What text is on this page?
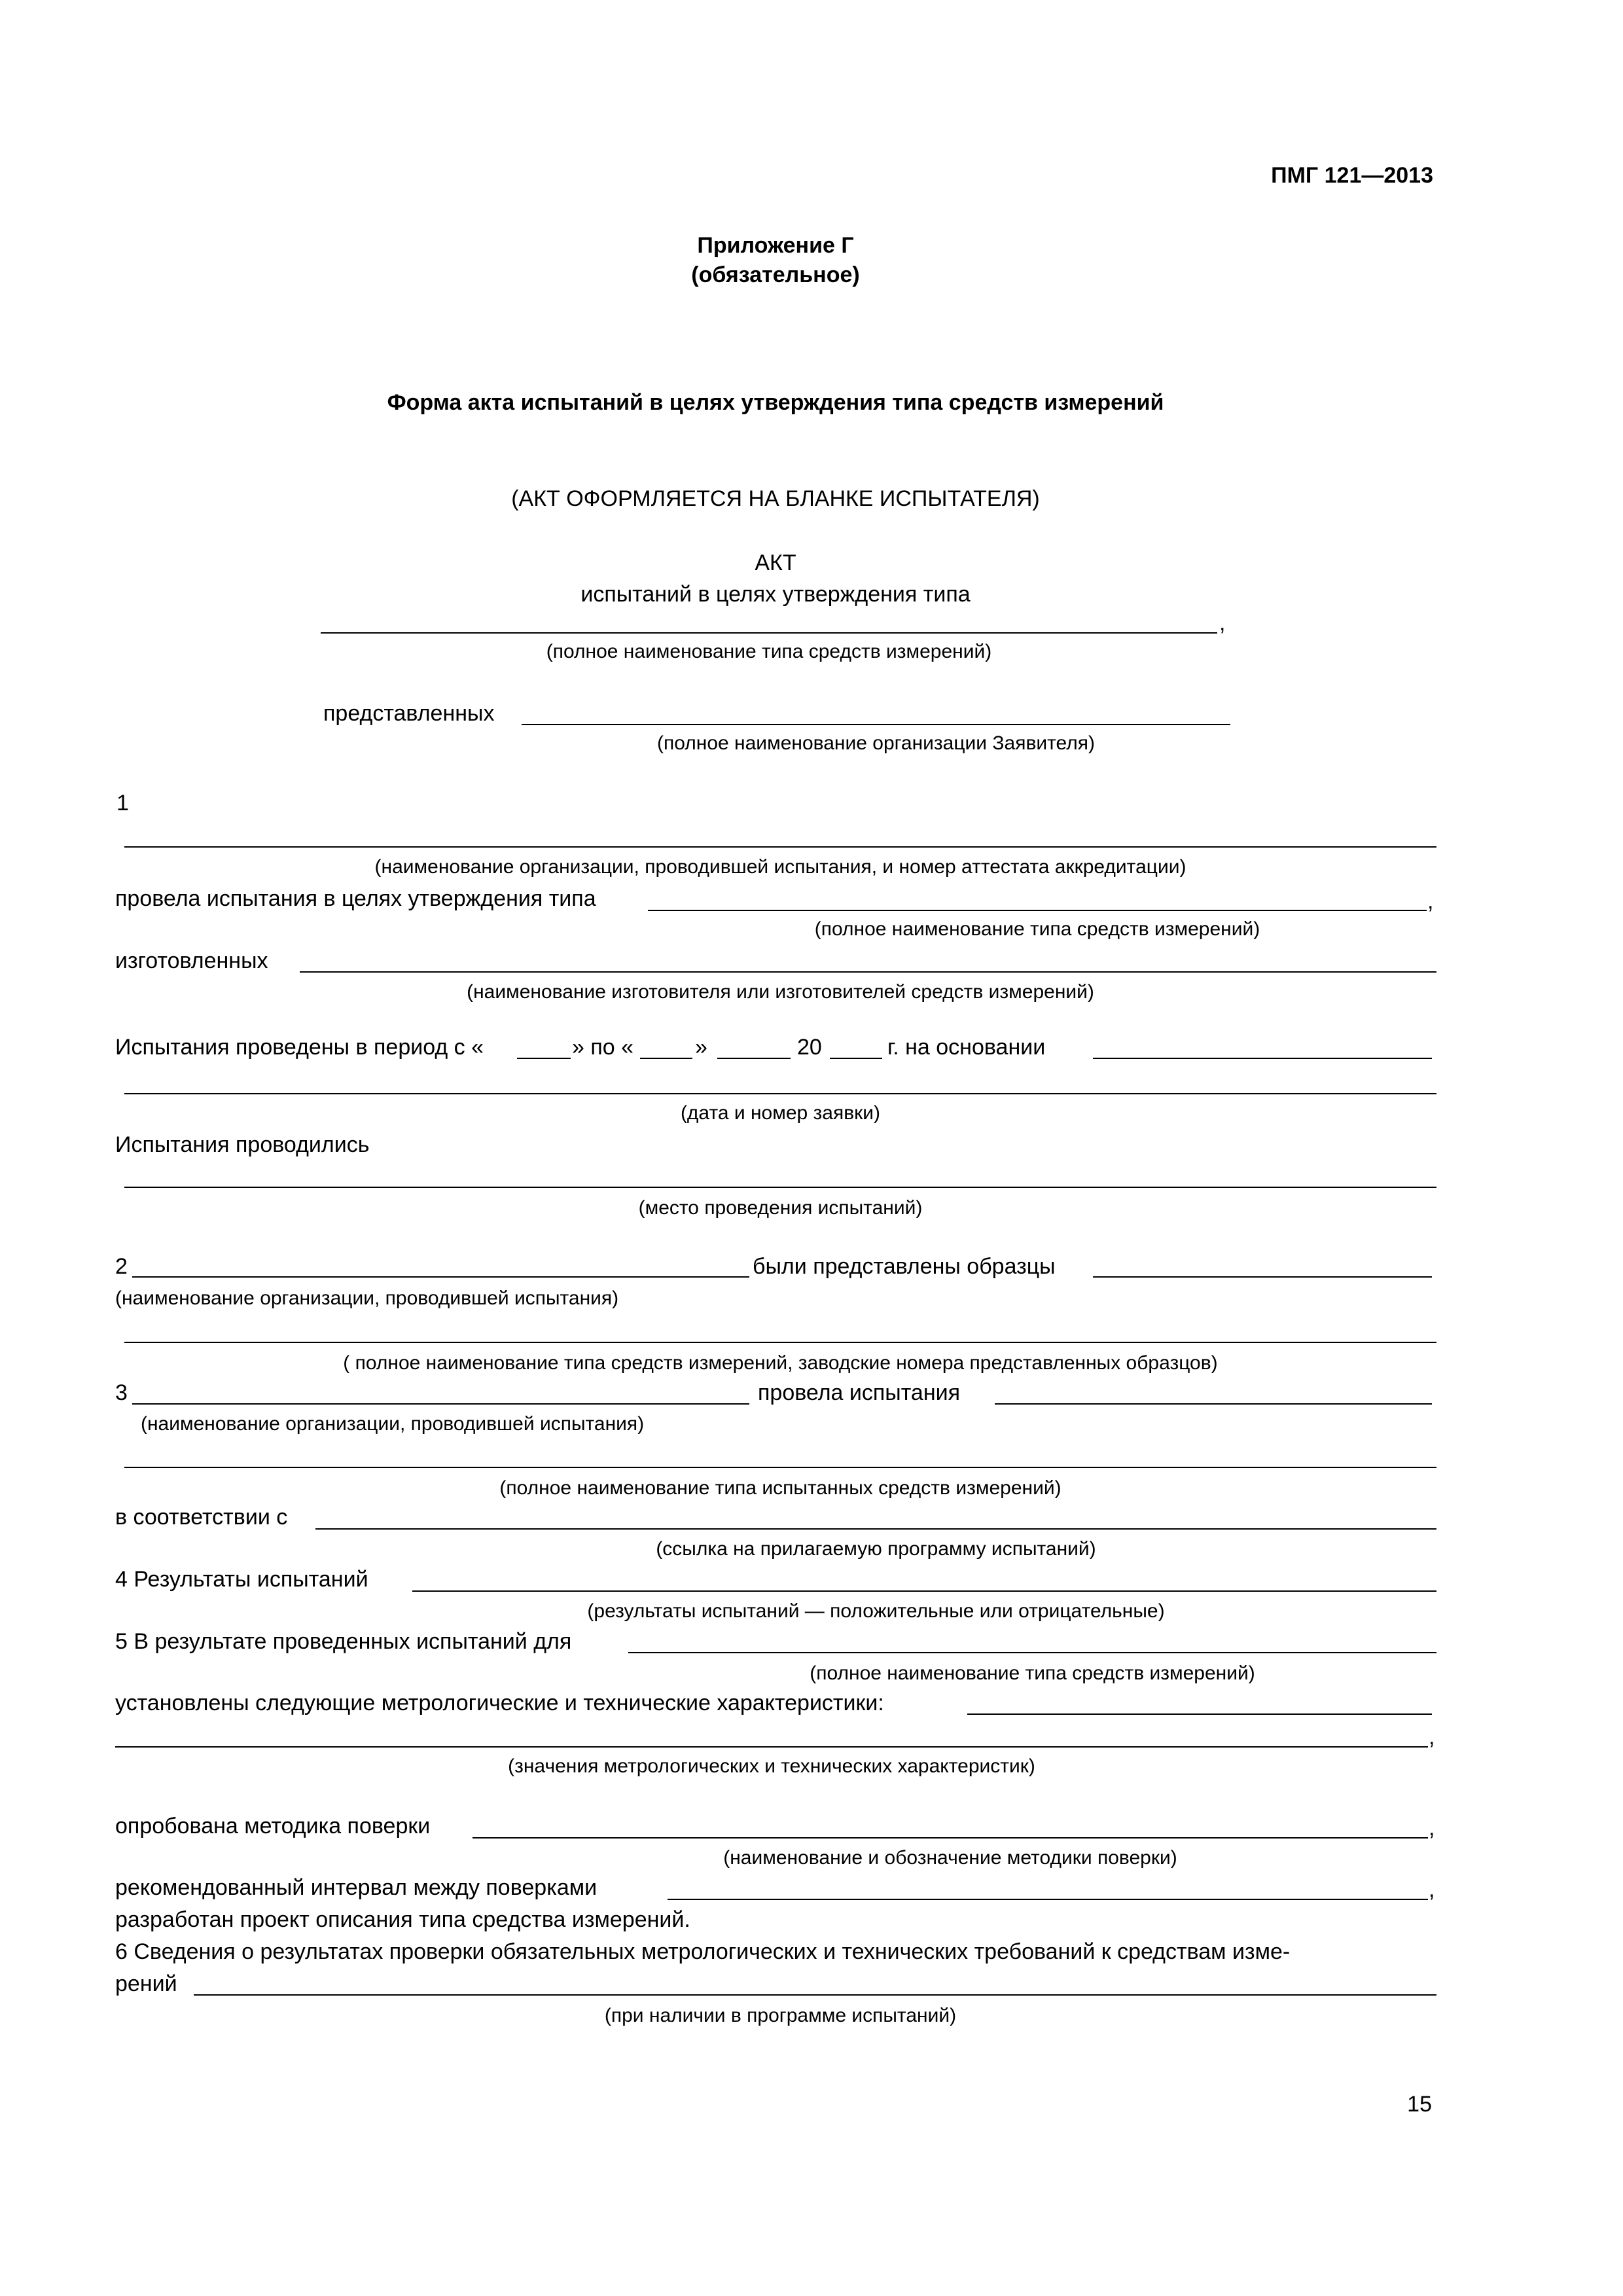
ПМГ 121—2013
Приложение Г
(обязательное)
Форма акта испытаний в целях утверждения типа средств измерений
(АКТ ОФОРМЛЯЕТСЯ НА БЛАНКЕ ИСПЫТАТЕЛЯ)
АКТ
испытаний в целях утверждения типа
,
(полное наименование типа средств измерений)
представленных
(полное наименование организации Заявителя)
1
(наименование организации, проводившей испытания, и номер аттестата аккредитации)
провела испытания в целях утверждения типа	,
(полное наименование типа средств измерений)
изготовленных
(наименование изготовителя или изготовителей средств измерений)
Испытания проведены в период с «	» по «	»	20	г. на основании
(дата и номер заявки)
Испытания проводились
(место проведения испытаний)
2	были представлены образцы
(наименование организации, проводившей испытания)
( полное наименование типа средств измерений, заводские номера представленных образцов)
3	провела испытания
(наименование организации, проводившей испытания)
(полное наименование типа испытанных средств измерений)
в соответствии с
(ссылка на прилагаемую программу испытаний)
4 Результаты испытаний
(результаты испытаний — положительные или отрицательные)
5 В результате проведенных испытаний для
(полное наименование типа средств измерений)
установлены следующие метрологические и технические характеристики:
,
(значения метрологических и технических характеристик)
опробована методика поверки	,
(наименование и обозначение методики поверки)
рекомендованный интервал между поверками	,
разработан проект описания типа средства измерений.
6 Сведения о результатах проверки обязательных метрологических и технических требований к средствам изме-
рений
(при наличии в программе испытаний)
15
